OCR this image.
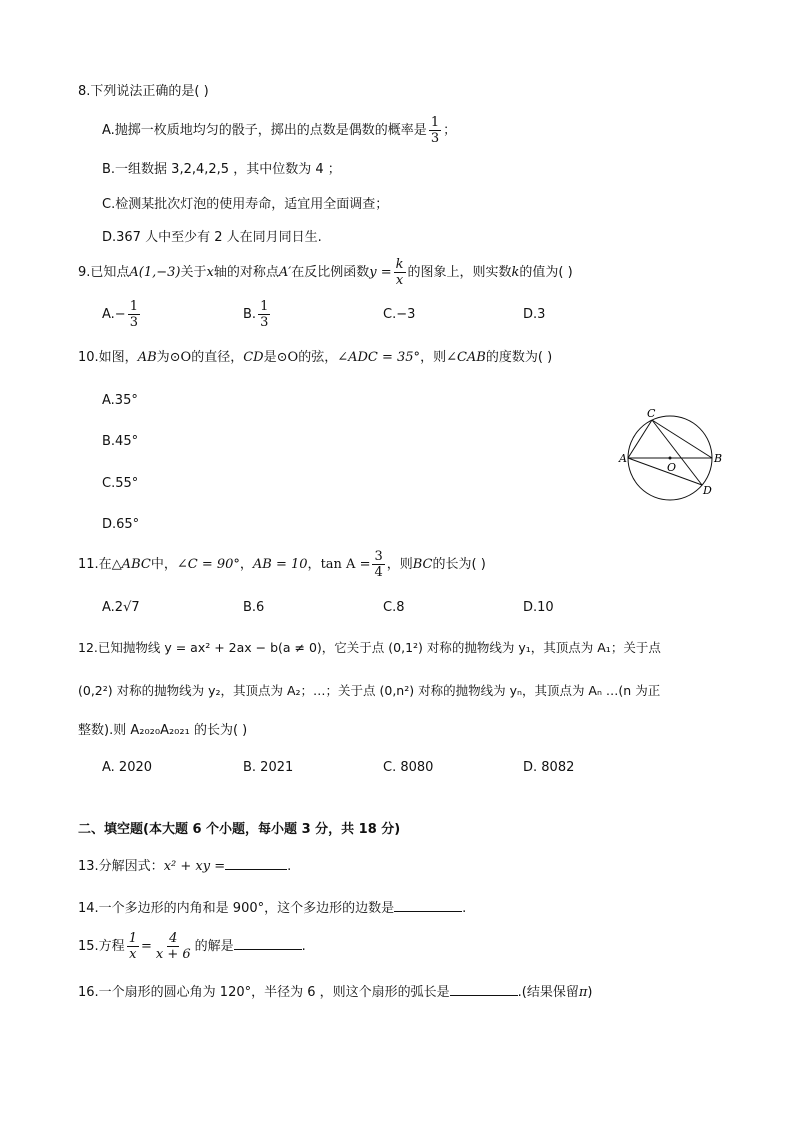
8.下列说法正确的是( )
A.抛掷一枚质地均匀的骰子，掷出的点数是偶数的概率是 $\frac{1}{3}$ ；
B.一组数据 3,2,4,2,5 ，其中位数为 4 ；
C.检测某批次灯泡的使用寿命，适宜用全面调查；
D.367 人中至少有 2 人在同月同日生.
9.已知点A(1,−3)关于x轴的对称点A′在反比例函数$y = \frac{k}{x}$ 的图象上，则实数k的值为( )
$A.- \frac{1}{3}$	B. $\frac{1}{3}$	C.−3	D.3
10.如图，AB为⊙O的直径，CD是⊙O的弦，∠ADC = 35°，则∠CAB的度数为( )
A.35°
B.45°
C.55°
D.65°
A	B
C
D
O
11.在△ABC中，∠C = 90°，AB = 10，$\tan A = \frac{3}{4}$ ，则BC的长为( )
A.2√7	B.6	C.8	D.10
12.已知抛物线 y = ax² + 2ax − b(a ≠ 0)，它关于点 (0,1²) 对称的抛物线为 y₁，其顶点为 A₁；关于点
(0,2²) 对称的抛物线为 y₂，其顶点为 A₂；…；关于点 (0,n²) 对称的抛物线为 yₙ，其顶点为 Aₙ …(n 为正
整数).则 A₂₀₂₀A₂₀₂₁ 的长为( )
A. 2020	B. 2021	C. 8080	D. 8082
二、填空题(本大题 6 个小题，每小题 3 分，共 18 分)
13.分解因式：x² + xy =	.
14.一个多边形的内角和是 900°，这个多边形的边数是	.
15.方程 $\frac{1}{x} = \frac{4}{x + 6}$ 的解是	.
16.一个扇形的圆心角为 120°，半径为 6 ，则这个扇形的弧长是	.(结果保留π)
